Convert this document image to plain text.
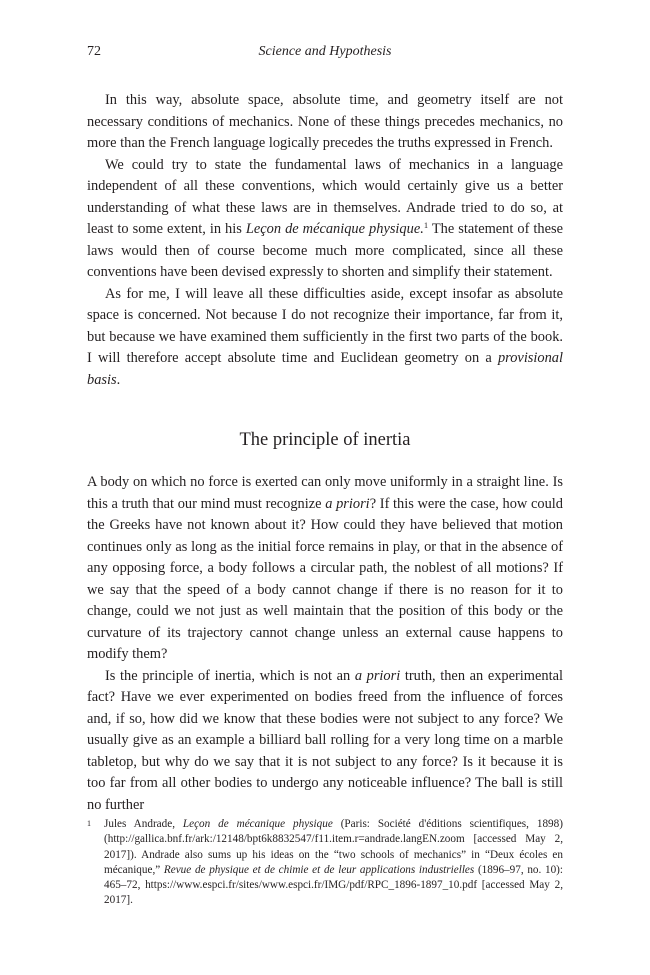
72	Science and Hypothesis

In this way, absolute space, absolute time, and geometry itself are not necessary conditions of mechanics. None of these things precedes mechanics, no more than the French language logically precedes the truths expressed in French.

We could try to state the fundamental laws of mechanics in a language independent of all these conventions, which would certainly give us a better understanding of what these laws are in themselves. Andrade tried to do so, at least to some extent, in his Leçon de mécanique physique.$^1$ The statement of these laws would then of course become much more complicated, since all these conventions have been devised expressly to shorten and simplify their statement.

As for me, I will leave all these difficulties aside, except insofar as absolute space is concerned. Not because I do not recognize their importance, far from it, but because we have examined them sufficiently in the first two parts of the book. I will therefore accept absolute time and Euclidean geometry on a provisional basis.

The principle of inertia

A body on which no force is exerted can only move uniformly in a straight line. Is this a truth that our mind must recognize a priori? If this were the case, how could the Greeks have not known about it? How could they have believed that motion continues only as long as the initial force remains in play, or that in the absence of any opposing force, a body follows a circular path, the noblest of all motions? If we say that the speed of a body cannot change if there is no reason for it to change, could we not just as well maintain that the position of this body or the curvature of its trajectory cannot change unless an external cause happens to modify them?

Is the principle of inertia, which is not an a priori truth, then an experimental fact? Have we ever experimented on bodies freed from the influence of forces and, if so, how did we know that these bodies were not subject to any force? We usually give as an example a billiard ball rolling for a very long time on a marble tabletop, but why do we say that it is not subject to any force? Is it because it is too far from all other bodies to undergo any noticeable influence? The ball is still no further

1 Jules Andrade, Leçon de mécanique physique (Paris: Société d'éditions scientifiques, 1898) (http://gallica.bnf.fr/ark:/12148/bpt6k8832547/f11.item.r=andrade.langEN.zoom [accessed May 2, 2017]). Andrade also sums up his ideas on the “two schools of mechanics” in “Deux écoles en mécanique,” Revue de physique et de chimie et de leur applications industrielles (1896–97, no. 10): 465–72, https://www.espci.fr/sites/www.espci.fr/IMG/pdf/RPC_1896-1897_10.pdf [accessed May 2, 2017].
